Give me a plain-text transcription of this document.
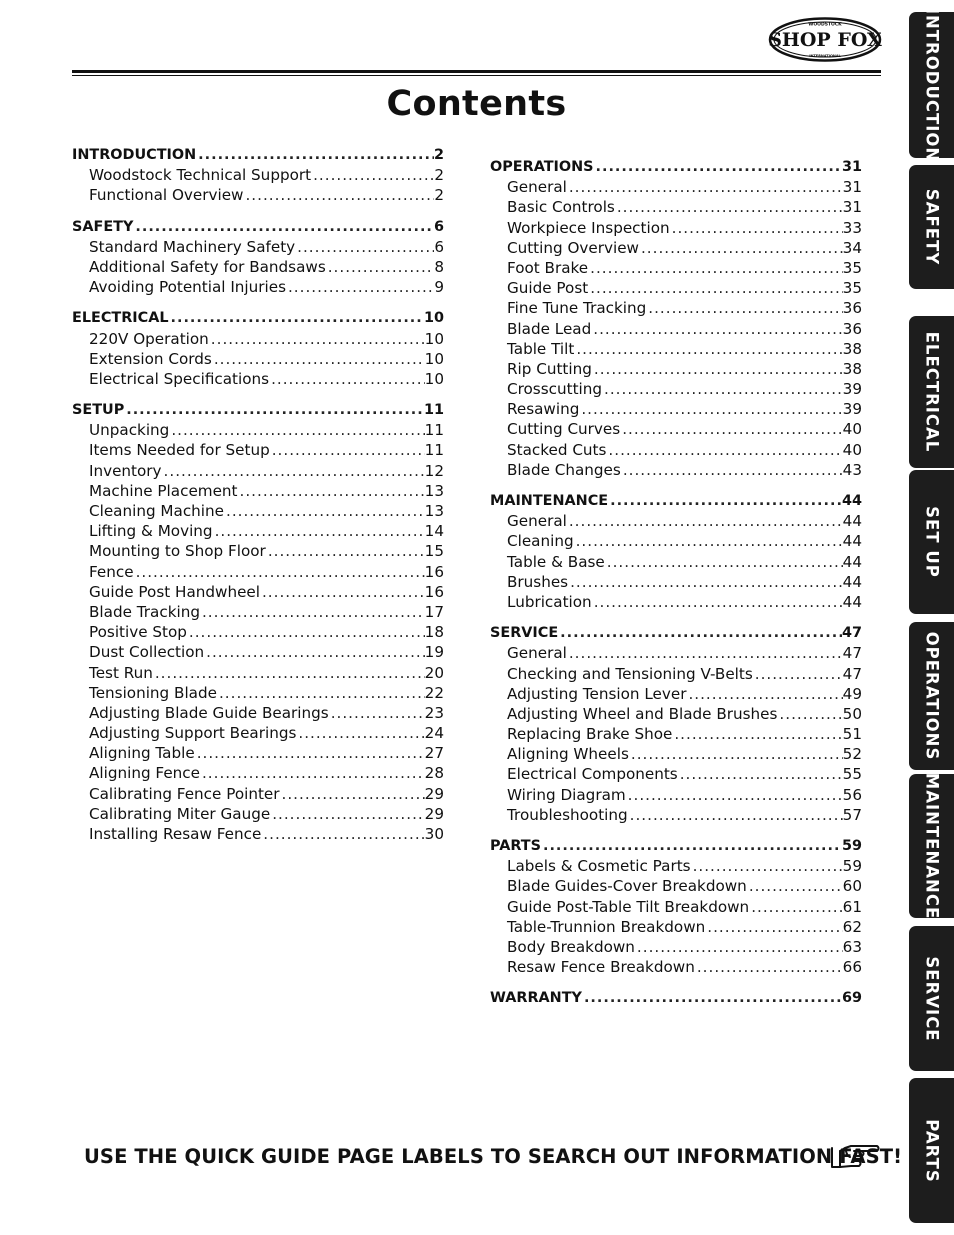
WOODSTOCK
SHOP FOX
INTERNATIONAL
Contents
INTRODUCTION .....	2
Woodstock Technical Support .....	2
Functional Overview .....	2
SAFETY .....	6
Standard Machinery Safety .....	6
Additional Safety for Bandsaws .....	8
Avoiding Potential Injuries .....	9
ELECTRICAL .....	10
220V Operation .....	10
Extension Cords .....	10
Electrical Specifications .....	10
SETUP .....	11
Unpacking .....	11
Items Needed for Setup .....	11
Inventory .....	12
Machine Placement .....	13
Cleaning Machine .....	13
Lifting & Moving .....	14
Mounting to Shop Floor .....	15
Fence .....	16
Guide Post Handwheel .....	16
Blade Tracking .....	17
Positive Stop .....	18
Dust Collection .....	19
Test Run .....	20
Tensioning Blade .....	22
Adjusting Blade Guide Bearings .....	23
Adjusting Support Bearings .....	24
Aligning Table .....	27
Aligning Fence .....	28
Calibrating Fence Pointer .....	29
Calibrating Miter Gauge .....	29
Installing Resaw Fence .....	30
OPERATIONS .....	31
General .....	31
Basic Controls .....	31
Workpiece Inspection .....	33
Cutting Overview .....	34
Foot Brake .....	35
Guide Post .....	35
Fine Tune Tracking .....	36
Blade Lead .....	36
Table Tilt .....	38
Rip Cutting .....	38
Crosscutting .....	39
Resawing .....	39
Cutting Curves .....	40
Stacked Cuts .....	40
Blade Changes .....	43
MAINTENANCE .....	44
General .....	44
Cleaning .....	44
Table & Base .....	44
Brushes .....	44
Lubrication .....	44
SERVICE .....	47
General .....	47
Checking and Tensioning V-Belts .....	47
Adjusting Tension Lever .....	49
Adjusting Wheel and Blade Brushes .....	50
Replacing Brake Shoe .....	51
Aligning Wheels .....	52
Electrical Components .....	55
Wiring Diagram .....	56
Troubleshooting .....	57
PARTS .....	59
Labels & Cosmetic Parts .....	59
Blade Guides-Cover Breakdown .....	60
Guide Post-Table Tilt Breakdown .....	61
Table-Trunnion Breakdown .....	62
Body Breakdown .....	63
Resaw Fence Breakdown .....	66
WARRANTY .....	69
INTRODUCTION
SAFETY
ELECTRICAL
SET UP
OPERATIONS
MAINTENANCE
SERVICE
PARTS
USE THE QUICK GUIDE PAGE LABELS TO SEARCH OUT INFORMATION FAST!
